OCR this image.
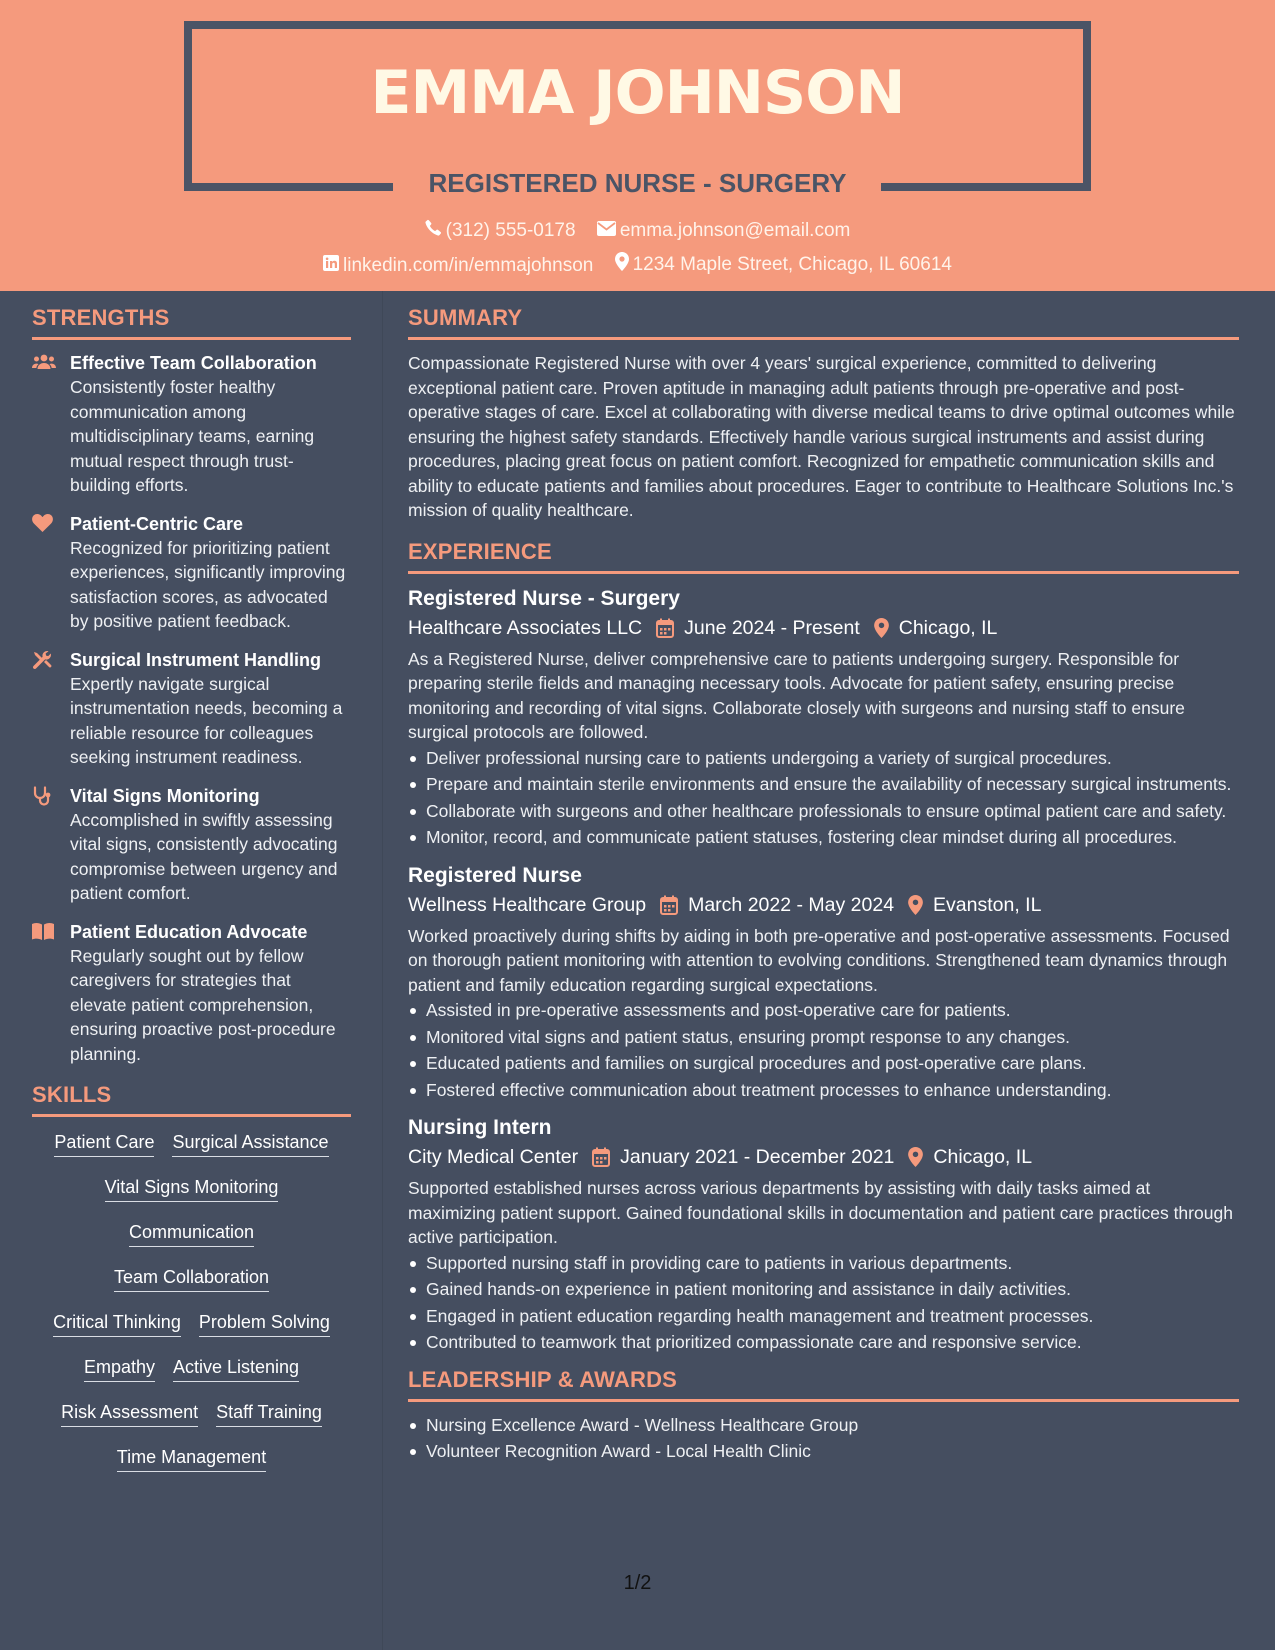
EMMA JOHNSON
REGISTERED NURSE - SURGERY
(312) 555-0178
emma.johnson@email.com
linkedin.com/in/emmajohnson
1234 Maple Street, Chicago, IL 60614
STRENGTHS
Effective Team Collaboration
Consistently foster healthy communication among multidisciplinary teams, earning mutual respect through trust-building efforts.
Patient-Centric Care
Recognized for prioritizing patient experiences, significantly improving satisfaction scores, as advocated by positive patient feedback.
Surgical Instrument Handling
Expertly navigate surgical instrumentation needs, becoming a reliable resource for colleagues seeking instrument readiness.
Vital Signs Monitoring
Accomplished in swiftly assessing vital signs, consistently advocating compromise between urgency and patient comfort.
Patient Education Advocate
Regularly sought out by fellow caregivers for strategies that elevate patient comprehension, ensuring proactive post-procedure planning.
SKILLS
Patient Care Surgical Assistance
Vital Signs Monitoring
Communication
Team Collaboration
Critical Thinking Problem Solving
Empathy Active Listening
Risk Assessment Staff Training
Time Management
SUMMARY
Compassionate Registered Nurse with over 4 years' surgical experience, committed to delivering exceptional patient care. Proven aptitude in managing adult patients through pre-operative and post-operative stages of care. Excel at collaborating with diverse medical teams to drive optimal outcomes while ensuring the highest safety standards. Effectively handle various surgical instruments and assist during procedures, placing great focus on patient comfort. Recognized for empathetic communication skills and ability to educate patients and families about procedures. Eager to contribute to Healthcare Solutions Inc.'s mission of quality healthcare.
EXPERIENCE
Registered Nurse - Surgery
Healthcare Associates LLC June 2024 - Present Chicago, IL
As a Registered Nurse, deliver comprehensive care to patients undergoing surgery. Responsible for preparing sterile fields and managing necessary tools. Advocate for patient safety, ensuring precise monitoring and recording of vital signs. Collaborate closely with surgeons and nursing staff to ensure surgical protocols are followed.
Deliver professional nursing care to patients undergoing a variety of surgical procedures.
Prepare and maintain sterile environments and ensure the availability of necessary surgical instruments.
Collaborate with surgeons and other healthcare professionals to ensure optimal patient care and safety.
Monitor, record, and communicate patient statuses, fostering clear mindset during all procedures.
Registered Nurse
Wellness Healthcare Group March 2022 - May 2024 Evanston, IL
Worked proactively during shifts by aiding in both pre-operative and post-operative assessments. Focused on thorough patient monitoring with attention to evolving conditions. Strengthened team dynamics through patient and family education regarding surgical expectations.
Assisted in pre-operative assessments and post-operative care for patients.
Monitored vital signs and patient status, ensuring prompt response to any changes.
Educated patients and families on surgical procedures and post-operative care plans.
Fostered effective communication about treatment processes to enhance understanding.
Nursing Intern
City Medical Center January 2021 - December 2021 Chicago, IL
Supported established nurses across various departments by assisting with daily tasks aimed at maximizing patient support. Gained foundational skills in documentation and patient care practices through active participation.
Supported nursing staff in providing care to patients in various departments.
Gained hands-on experience in patient monitoring and assistance in daily activities.
Engaged in patient education regarding health management and treatment processes.
Contributed to teamwork that prioritized compassionate care and responsive service.
LEADERSHIP & AWARDS
Nursing Excellence Award - Wellness Healthcare Group
Volunteer Recognition Award - Local Health Clinic
1/2
